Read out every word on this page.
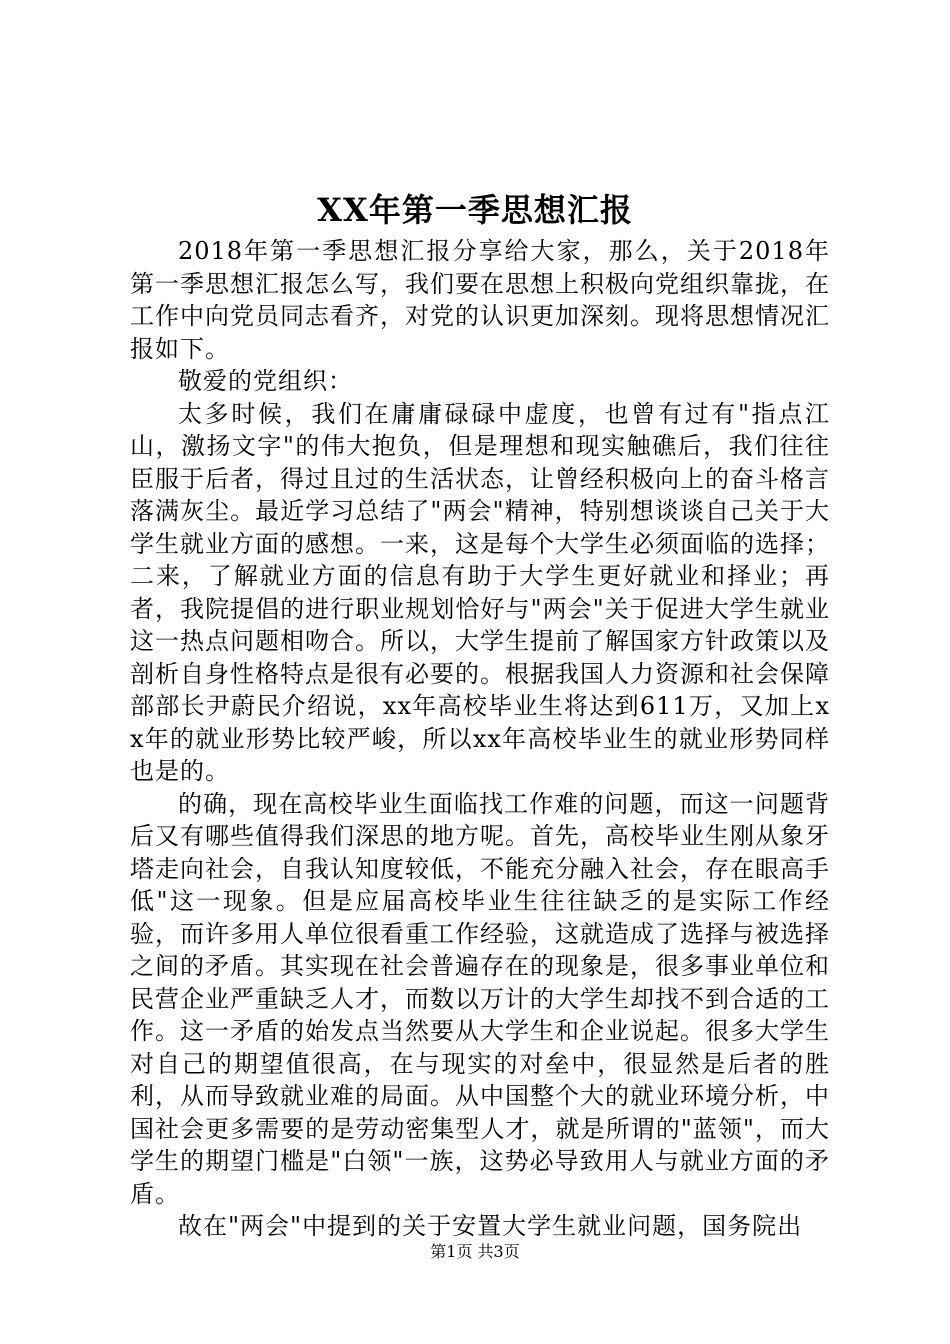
XX年第一季思想汇报

2018年第一季思想汇报分享给大家，那么，关于2018年第一季思想汇报怎么写，我们要在思想上积极向党组织靠拢，在工作中向党员同志看齐，对党的认识更加深刻。现将思想情况汇报如下。

敬爱的党组织：

太多时候，我们在庸庸碌碌中虚度，也曾有过有"指点江山，激扬文字"的伟大抱负，但是理想和现实触礁后，我们往往臣服于后者，得过且过的生活状态，让曾经积极向上的奋斗格言落满灰尘。最近学习总结了"两会"精神，特别想谈谈自己关于大学生就业方面的感想。一来，这是每个大学生必须面临的选择；二来，了解就业方面的信息有助于大学生更好就业和择业；再者，我院提倡的进行职业规划恰好与"两会"关于促进大学生就业这一热点问题相吻合。所以，大学生提前了解国家方针政策以及剖析自身性格特点是很有必要的。根据我国人力资源和社会保障部部长尹蔚民介绍说，xx年高校毕业生将达到611万，又加上xx年的就业形势比较严峻，所以xx年高校毕业生的就业形势同样也是的。

的确，现在高校毕业生面临找工作难的问题，而这一问题背后又有哪些值得我们深思的地方呢。首先，高校毕业生刚从象牙塔走向社会，自我认知度较低，不能充分融入社会，存在眼高手低"这一现象。但是应届高校毕业生往往缺乏的是实际工作经验，而许多用人单位很看重工作经验，这就造成了选择与被选择之间的矛盾。其实现在社会普遍存在的现象是，很多事业单位和民营企业严重缺乏人才，而数以万计的大学生却找不到合适的工作。这一矛盾的始发点当然要从大学生和企业说起。很多大学生对自己的期望值很高，在与现实的对垒中，很显然是后者的胜利，从而导致就业难的局面。从中国整个大的就业环境分析，中国社会更多需要的是劳动密集型人才，就是所谓的"蓝领"，而大学生的期望门槛是"白领"一族，这势必导致用人与就业方面的矛盾。

故在"两会"中提到的关于安置大学生就业问题，国务院出

第1页 共3页
